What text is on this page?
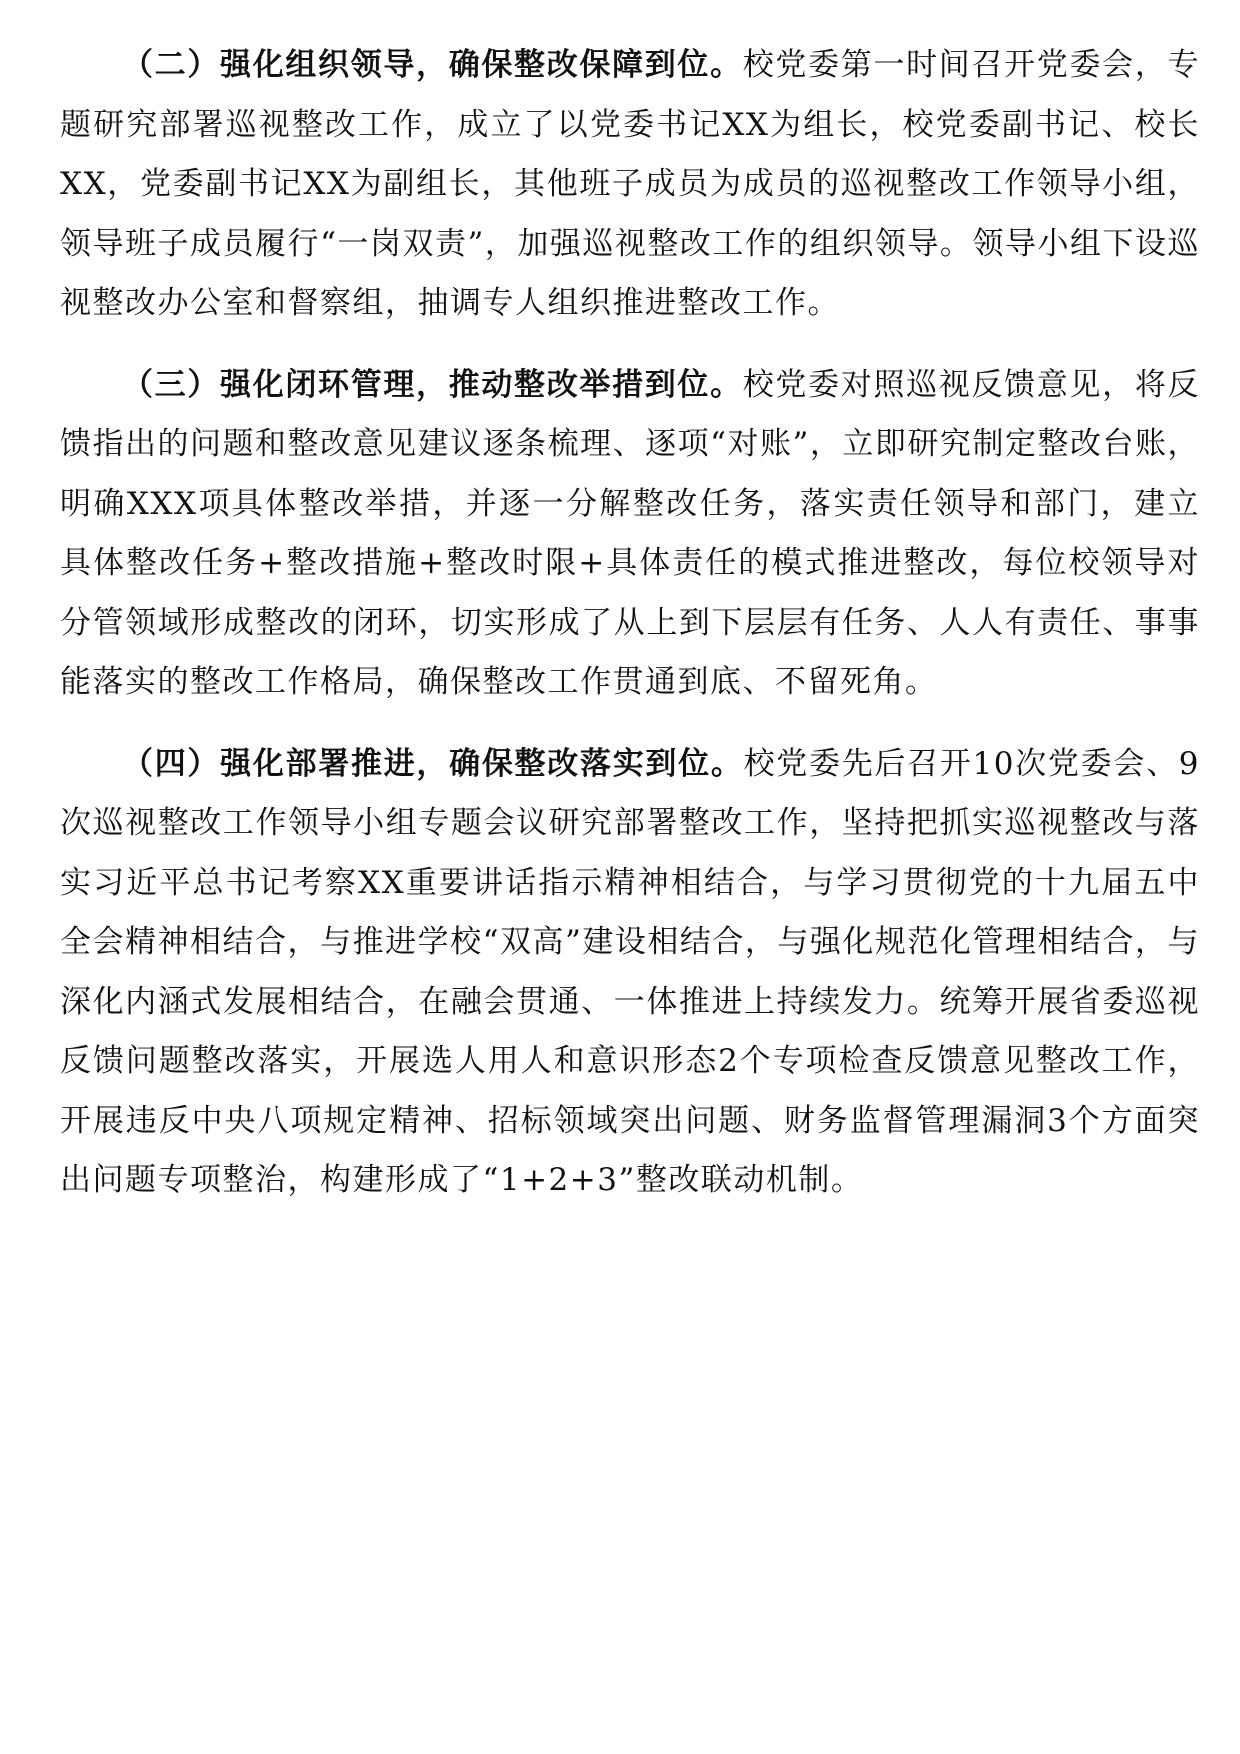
（二）强化组织领导，确保整改保障到位。校党委第一时间召开党委会，专题研究部署巡视整改工作，成立了以党委书记XX为组长，校党委副书记、校长XX，党委副书记XX为副组长，其他班子成员为成员的巡视整改工作领导小组，领导班子成员履行“一岗双责”，加强巡视整改工作的组织领导。领导小组下设巡视整改办公室和督察组，抽调专人组织推进整改工作。

（三）强化闭环管理，推动整改举措到位。校党委对照巡视反馈意见，将反馈指出的问题和整改意见建议逐条梳理、逐项“对账”，立即研究制定整改台账，明确XXX项具体整改举措，并逐一分解整改任务，落实责任领导和部门，建立具体整改任务+整改措施+整改时限+具体责任的模式推进整改，每位校领导对分管领域形成整改的闭环，切实形成了从上到下层层有任务、人人有责任、事事能落实的整改工作格局，确保整改工作贯通到底、不留死角。

（四）强化部署推进，确保整改落实到位。校党委先后召开10次党委会、9次巡视整改工作领导小组专题会议研究部署整改工作，坚持把抓实巡视整改与落实习近平总书记考察XX重要讲话指示精神相结合，与学习贯彻党的十九届五中全会精神相结合，与推进学校“双高”建设相结合，与强化规范化管理相结合，与深化内涵式发展相结合，在融会贯通、一体推进上持续发力。统筹开展省委巡视反馈问题整改落实，开展选人用人和意识形态2个专项检查反馈意见整改工作，开展违反中央八项规定精神、招标领域突出问题、财务监督管理漏洞3个方面突出问题专项整治，构建形成了“1+2+3”整改联动机制。
